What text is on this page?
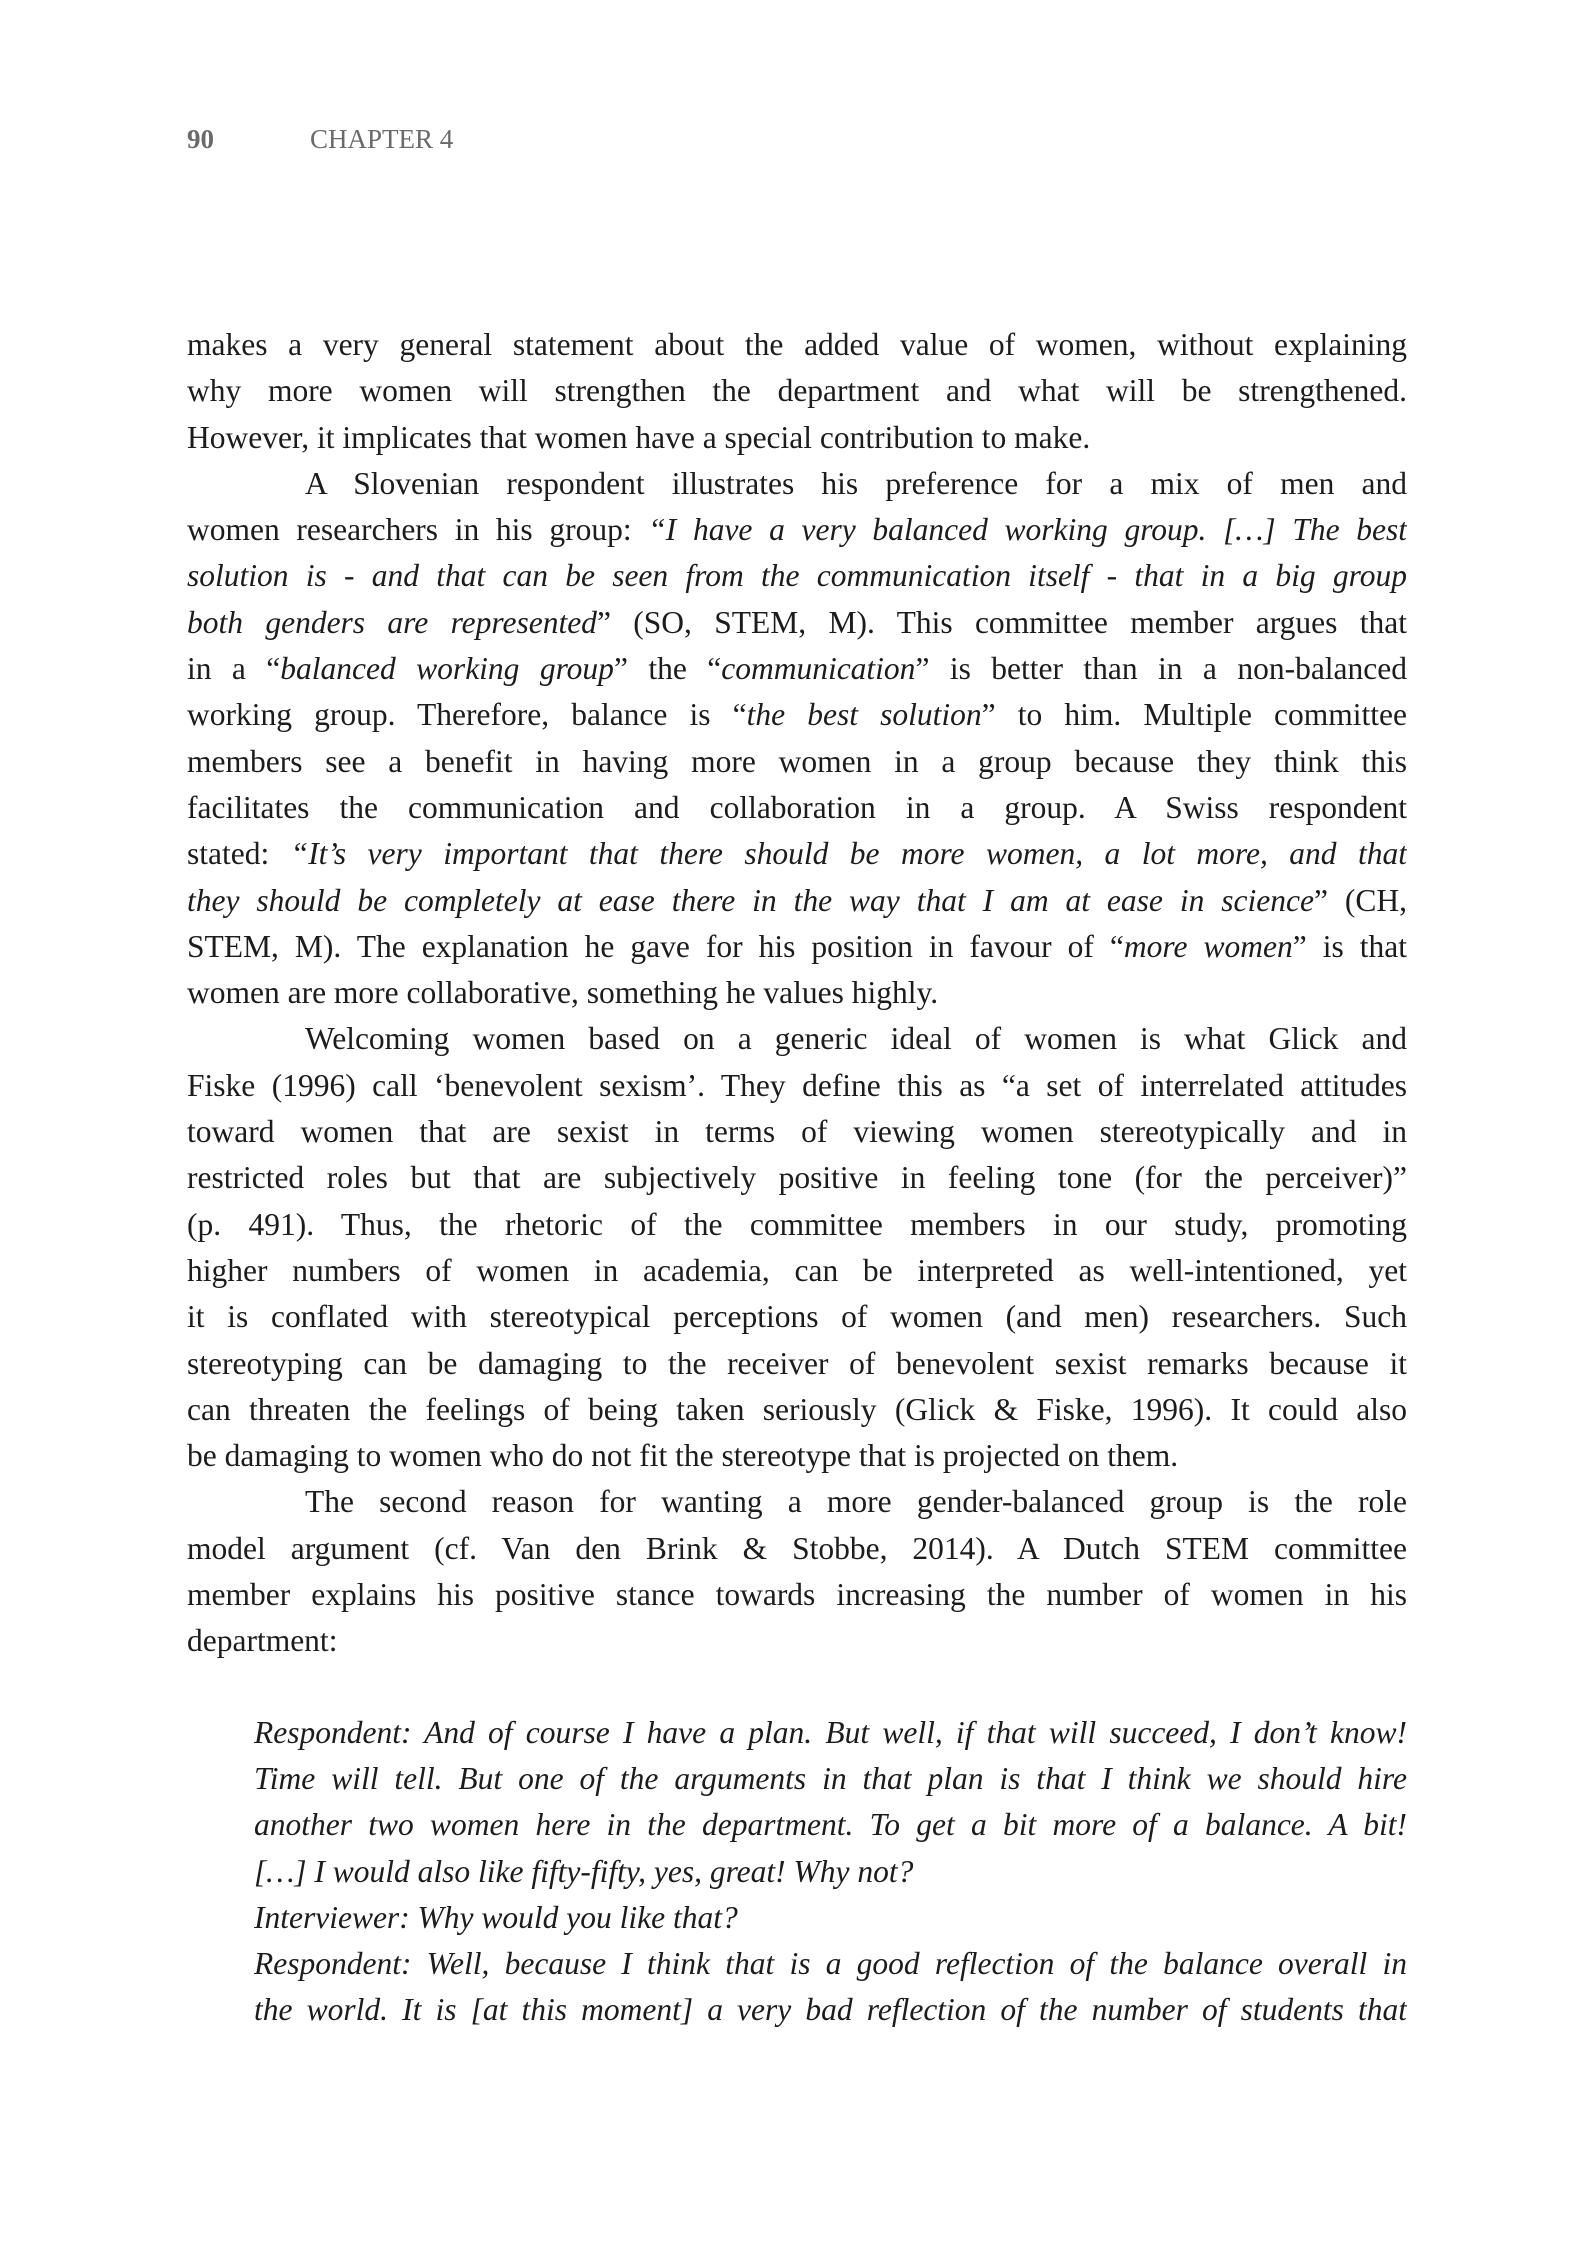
90	CHAPTER 4
makes a very general statement about the added value of women, without explaining
why more women will strengthen the department and what will be strengthened.
However, it implicates that women have a special contribution to make.
A Slovenian respondent illustrates his preference for a mix of men and
women researchers in his group: “I have a very balanced working group. […] The best
solution is - and that can be seen from the communication itself - that in a big group
both genders are represented” (SO, STEM, M). This committee member argues that
in a “balanced working group” the “communication” is better than in a non-balanced
working group. Therefore, balance is “the best solution” to him. Multiple committee
members see a benefit in having more women in a group because they think this
facilitates the communication and collaboration in a group. A Swiss respondent
stated: “It’s very important that there should be more women, a lot more, and that
they should be completely at ease there in the way that I am at ease in science” (CH,
STEM, M). The explanation he gave for his position in favour of “more women” is that
women are more collaborative, something he values highly.
Welcoming women based on a generic ideal of women is what Glick and
Fiske (1996) call ‘benevolent sexism’. They define this as “a set of interrelated attitudes
toward women that are sexist in terms of viewing women stereotypically and in
restricted roles but that are subjectively positive in feeling tone (for the perceiver)”
(p. 491). Thus, the rhetoric of the committee members in our study, promoting
higher numbers of women in academia, can be interpreted as well-intentioned, yet
it is conflated with stereotypical perceptions of women (and men) researchers. Such
stereotyping can be damaging to the receiver of benevolent sexist remarks because it
can threaten the feelings of being taken seriously (Glick & Fiske, 1996). It could also
be damaging to women who do not fit the stereotype that is projected on them.
The second reason for wanting a more gender-balanced group is the role
model argument (cf. Van den Brink & Stobbe, 2014). A Dutch STEM committee
member explains his positive stance towards increasing the number of women in his
department:
Respondent: And of course I have a plan. But well, if that will succeed, I don’t know!
Time will tell. But one of the arguments in that plan is that I think we should hire
another two women here in the department. To get a bit more of a balance. A bit!
[…] I would also like fifty-fifty, yes, great! Why not?
Interviewer: Why would you like that?
Respondent: Well, because I think that is a good reflection of the balance overall in
the world. It is [at this moment] a very bad reflection of the number of students that
